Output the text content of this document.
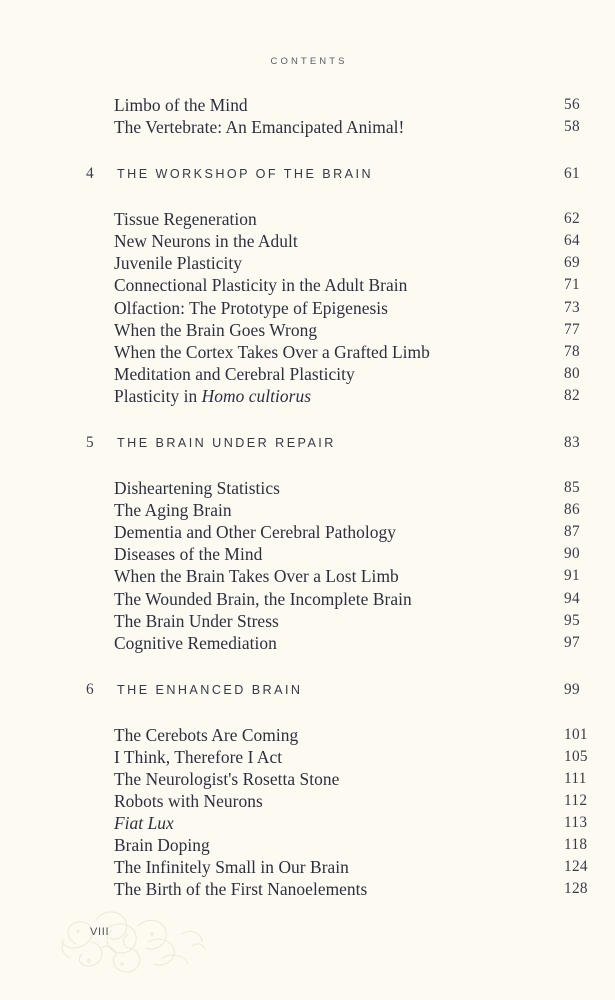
CONTENTS
Limbo of the Mind	56
The Vertebrate: An Emancipated Animal!	58
4 THE WORKSHOP OF THE BRAIN	61
Tissue Regeneration	62
New Neurons in the Adult	64
Juvenile Plasticity	69
Connectional Plasticity in the Adult Brain	71
Olfaction: The Prototype of Epigenesis	73
When the Brain Goes Wrong	77
When the Cortex Takes Over a Grafted Limb	78
Meditation and Cerebral Plasticity	80
Plasticity in Homo cultiorus	82
5 THE BRAIN UNDER REPAIR	83
Disheartening Statistics	85
The Aging Brain	86
Dementia and Other Cerebral Pathology	87
Diseases of the Mind	90
When the Brain Takes Over a Lost Limb	91
The Wounded Brain, the Incomplete Brain	94
The Brain Under Stress	95
Cognitive Remediation	97
6 THE ENHANCED BRAIN	99
The Cerebots Are Coming	101
I Think, Therefore I Act	105
The Neurologist's Rosetta Stone	111
Robots with Neurons	112
Fiat Lux	113
Brain Doping	118
The Infinitely Small in Our Brain	124
The Birth of the First Nanoelements	128
VIII
